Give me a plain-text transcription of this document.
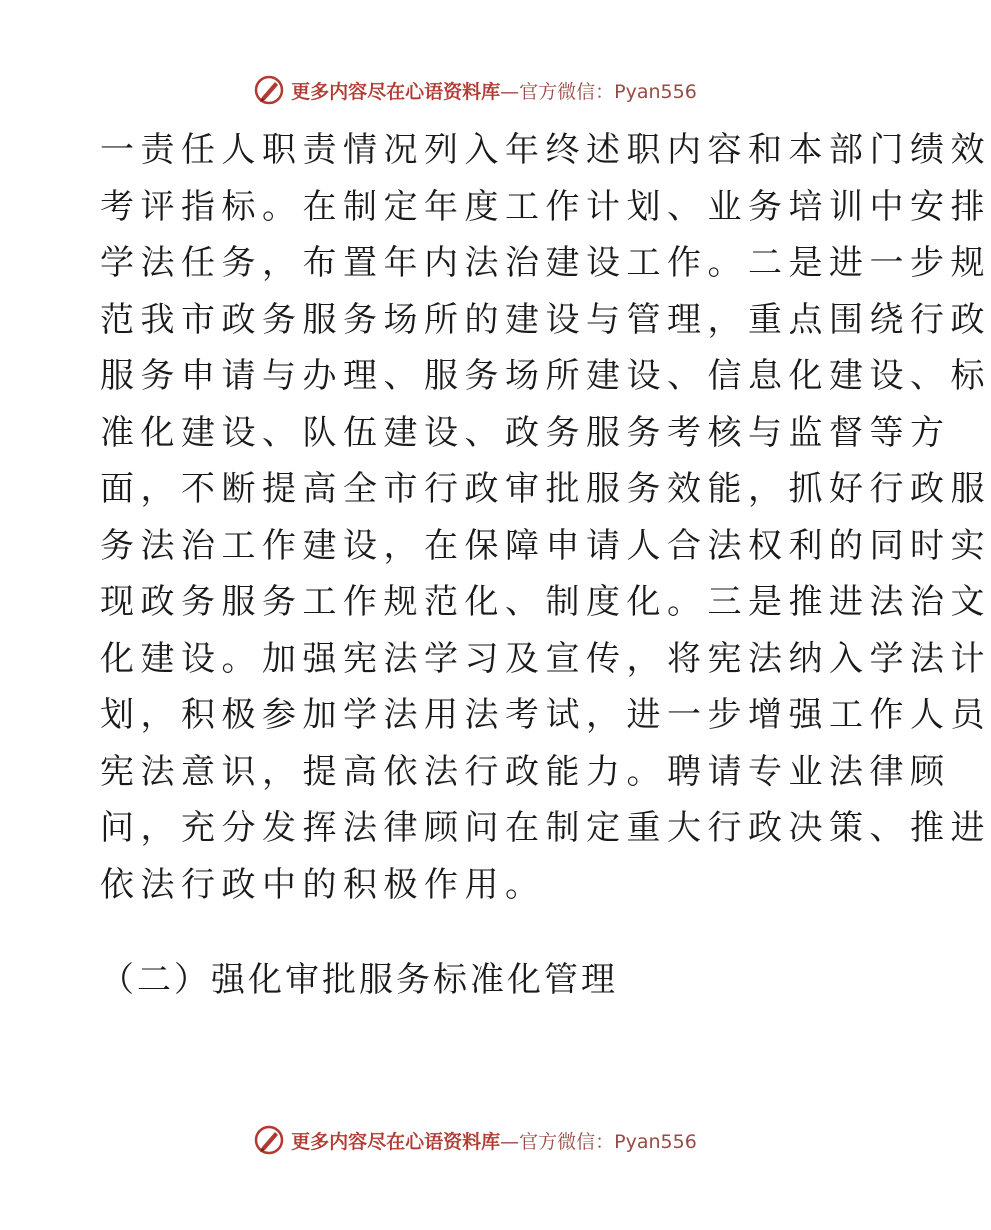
更多内容尽在心语资料库 —官方微信：Pyan556
一责任人职责情况列入年终述职内容和本部门绩效
考评指标。在制定年度工作计划、业务培训中安排
学法任务，布置年内法治建设工作。二是进一步规
范我市政务服务场所的建设与管理，重点围绕行政
服务申请与办理、服务场所建设、信息化建设、标
准化建设、队伍建设、政务服务考核与监督等方
面，不断提高全市行政审批服务效能，抓好行政服
务法治工作建设，在保障申请人合法权利的同时实
现政务服务工作规范化、制度化。三是推进法治文
化建设。加强宪法学习及宣传，将宪法纳入学法计
划，积极参加学法用法考试，进一步增强工作人员
宪法意识，提高依法行政能力。聘请专业法律顾
问，充分发挥法律顾问在制定重大行政决策、推进
依法行政中的积极作用。
（二）强化审批服务标准化管理
更多内容尽在心语资料库 —官方微信：Pyan556
